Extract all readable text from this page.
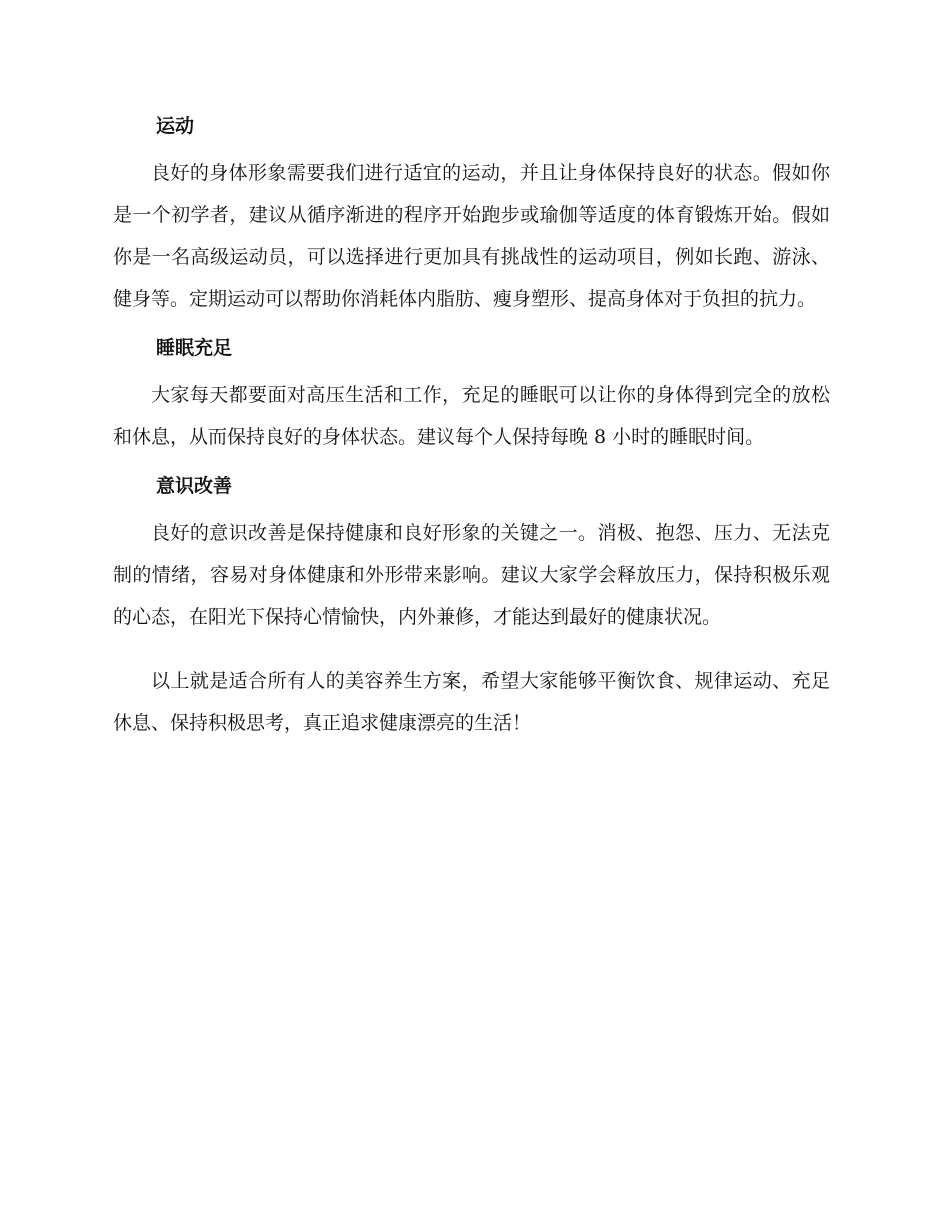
运动

良好的身体形象需要我们进行适宜的运动，并且让身体保持良好的状态。假如你是一个初学者，建议从循序渐进的程序开始跑步或瑜伽等适度的体育锻炼开始。假如你是一名高级运动员，可以选择进行更加具有挑战性的运动项目，例如长跑、游泳、健身等。定期运动可以帮助你消耗体内脂肪、瘦身塑形、提高身体对于负担的抗力。

睡眠充足

大家每天都要面对高压生活和工作，充足的睡眠可以让你的身体得到完全的放松和休息，从而保持良好的身体状态。建议每个人保持每晚 8 小时的睡眠时间。

意识改善

良好的意识改善是保持健康和良好形象的关键之一。消极、抱怨、压力、无法克制的情绪，容易对身体健康和外形带来影响。建议大家学会释放压力，保持积极乐观的心态，在阳光下保持心情愉快，内外兼修，才能达到最好的健康状况。

以上就是适合所有人的美容养生方案，希望大家能够平衡饮食、规律运动、充足休息、保持积极思考，真正追求健康漂亮的生活！
